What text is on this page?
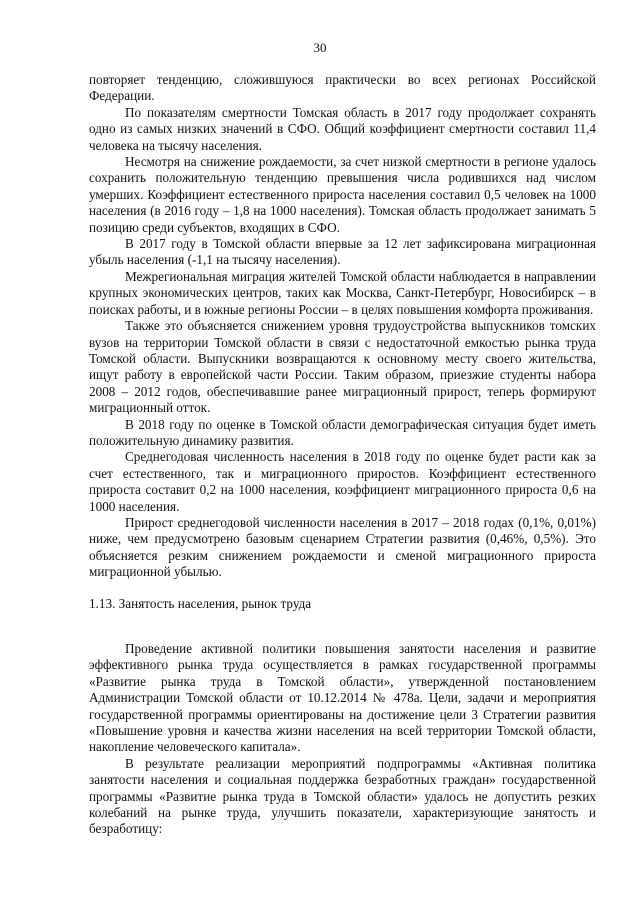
30

повторяет тенденцию, сложившуюся практически во всех регионах Российской Федерации.

По показателям смертности Томская область в 2017 году продолжает сохранять одно из самых низких значений в СФО. Общий коэффициент смертности составил 11,4 человека на тысячу населения.

Несмотря на снижение рождаемости, за счет низкой смертности в регионе удалось сохранить положительную тенденцию превышения числа родившихся над числом умерших. Коэффициент естественного прироста населения составил 0,5 человек на 1000 населения (в 2016 году – 1,8 на 1000 населения). Томская область продолжает занимать 5 позицию среди субъектов, входящих в СФО.

В 2017 году в Томской области впервые за 12 лет зафиксирована миграционная убыль населения (-1,1 на тысячу населения).

Межрегиональная миграция жителей Томской области наблюдается в направлении крупных экономических центров, таких как Москва, Санкт-Петербург, Новосибирск – в поисках работы, и в южные регионы России – в целях повышения комфорта проживания.

Также это объясняется снижением уровня трудоустройства выпускников томских вузов на территории Томской области в связи с недостаточной емкостью рынка труда Томской области. Выпускники возвращаются к основному месту своего жительства, ищут работу в европейской части России. Таким образом, приезжие студенты набора 2008 – 2012 годов, обеспечивавшие ранее миграционный прирост, теперь формируют миграционный отток.

В 2018 году по оценке в Томской области демографическая ситуация будет иметь положительную динамику развития.

Среднегодовая численность населения в 2018 году по оценке будет расти как за счет естественного, так и миграционного приростов. Коэффициент естественного прироста составит 0,2 на 1000 населения, коэффициент миграционного прироста 0,6 на 1000 населения.

Прирост среднегодовой численности населения в 2017 – 2018 годах (0,1%, 0,01%) ниже, чем предусмотрено базовым сценарием Стратегии развития (0,46%, 0,5%). Это объясняется резким снижением рождаемости и сменой миграционного прироста миграционной убылью.

1.13. Занятость населения, рынок труда

Проведение активной политики повышения занятости населения и развитие эффективного рынка труда осуществляется в рамках государственной программы «Развитие рынка труда в Томской области», утвержденной постановлением Администрации Томской области от 10.12.2014 № 478а. Цели, задачи и мероприятия государственной программы ориентированы на достижение цели 3 Стратегии развития «Повышение уровня и качества жизни населения на всей территории Томской области, накопление человеческого капитала».

В результате реализации мероприятий подпрограммы «Активная политика занятости населения и социальная поддержка безработных граждан» государственной программы «Развитие рынка труда в Томской области» удалось не допустить резких колебаний на рынке труда, улучшить показатели, характеризующие занятость и безработицу:
